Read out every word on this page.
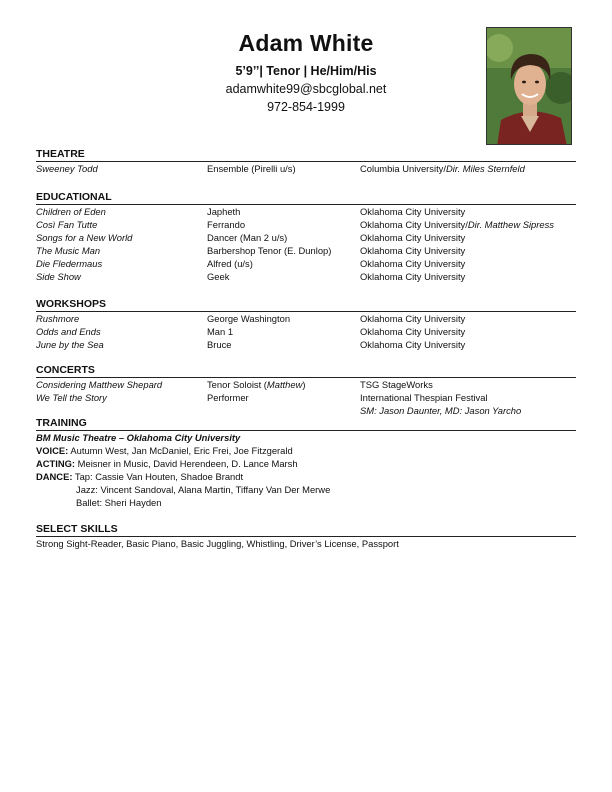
Adam White
5’9’’| Tenor | He/Him/His
adamwhite99@sbcglobal.net
972-854-1999
THEATRE
Sweeney Todd	Ensemble (Pirelli u/s)	Columbia University/Dir. Miles Sternfeld
EDUCATIONAL
Children of Eden	Japheth	Oklahoma City University
Così Fan Tutte	Ferrando	Oklahoma City University/Dir. Matthew Sipress
Songs for a New World	Dancer (Man 2 u/s)	Oklahoma City University
The Music Man	Barbershop Tenor (E. Dunlop)	Oklahoma City University
Die Fledermaus	Alfred (u/s)	Oklahoma City University
Side Show	Geek	Oklahoma City University
WORKSHOPS
Rushmore	George Washington	Oklahoma City University
Odds and Ends	Man 1	Oklahoma City University
June by the Sea	Bruce	Oklahoma City University
CONCERTS
Considering Matthew Shepard	Tenor Soloist (Matthew)	TSG StageWorks
We Tell the Story	Performer	International Thespian Festival
SM: Jason Daunter, MD: Jason Yarcho
TRAINING
BM Music Theatre – Oklahoma City University
VOICE: Autumn West, Jan McDaniel, Eric Frei, Joe Fitzgerald
ACTING: Meisner in Music, David Herendeen, D. Lance Marsh
DANCE: Tap: Cassie Van Houten, Shadoe Brandt
Jazz: Vincent Sandoval, Alana Martin, Tiffany Van Der Merwe
Ballet: Sheri Hayden
SELECT SKILLS
Strong Sight-Reader, Basic Piano, Basic Juggling, Whistling, Driver’s License, Passport
